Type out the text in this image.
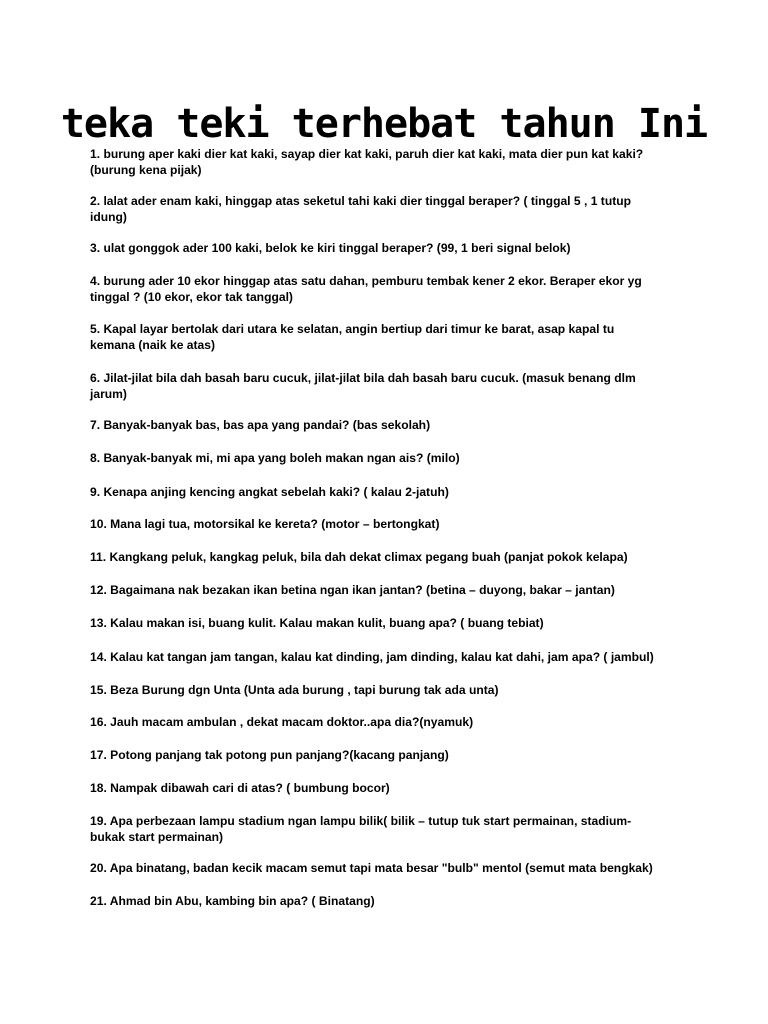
teka teki terhebat tahun Ini
1. burung aper kaki dier kat kaki, sayap dier kat kaki, paruh dier kat kaki, mata dier pun kat kaki?
(burung kena pijak)
2. lalat ader enam kaki, hinggap atas seketul tahi kaki dier tinggal beraper? ( tinggal 5 , 1 tutup
idung)
3. ulat gonggok ader 100 kaki, belok ke kiri tinggal beraper? (99, 1 beri signal belok)
4. burung ader 10 ekor hinggap atas satu dahan, pemburu tembak kener 2 ekor. Beraper ekor yg
tinggal ? (10 ekor, ekor tak tanggal)
5. Kapal layar bertolak dari utara ke selatan, angin bertiup dari timur ke barat, asap kapal tu
kemana (naik ke atas)
6. Jilat-jilat bila dah basah baru cucuk, jilat-jilat bila dah basah baru cucuk. (masuk benang dlm
jarum)
7. Banyak-banyak bas, bas apa yang pandai? (bas sekolah)
8. Banyak-banyak mi, mi apa yang boleh makan ngan ais? (milo)
9. Kenapa anjing kencing angkat sebelah kaki? ( kalau 2-jatuh)
10. Mana lagi tua, motorsikal ke kereta? (motor – bertongkat)
11. Kangkang peluk, kangkag peluk, bila dah dekat climax pegang buah (panjat pokok kelapa)
12. Bagaimana nak bezakan ikan betina ngan ikan jantan? (betina – duyong, bakar – jantan)
13. Kalau makan isi, buang kulit. Kalau makan kulit, buang apa? ( buang tebiat)
14. Kalau kat tangan jam tangan, kalau kat dinding, jam dinding, kalau kat dahi, jam apa? ( jambul)
15. Beza Burung dgn Unta (Unta ada burung , tapi burung tak ada unta)
16. Jauh macam ambulan , dekat macam doktor..apa dia?(nyamuk)
17. Potong panjang tak potong pun panjang?(kacang panjang)
18. Nampak dibawah cari di atas? ( bumbung bocor)
19. Apa perbezaan lampu stadium ngan lampu bilik( bilik – tutup tuk start permainan, stadium-
bukak start permainan)
20. Apa binatang, badan kecik macam semut tapi mata besar "bulb" mentol (semut mata bengkak)
21. Ahmad bin Abu, kambing bin apa? ( Binatang)
